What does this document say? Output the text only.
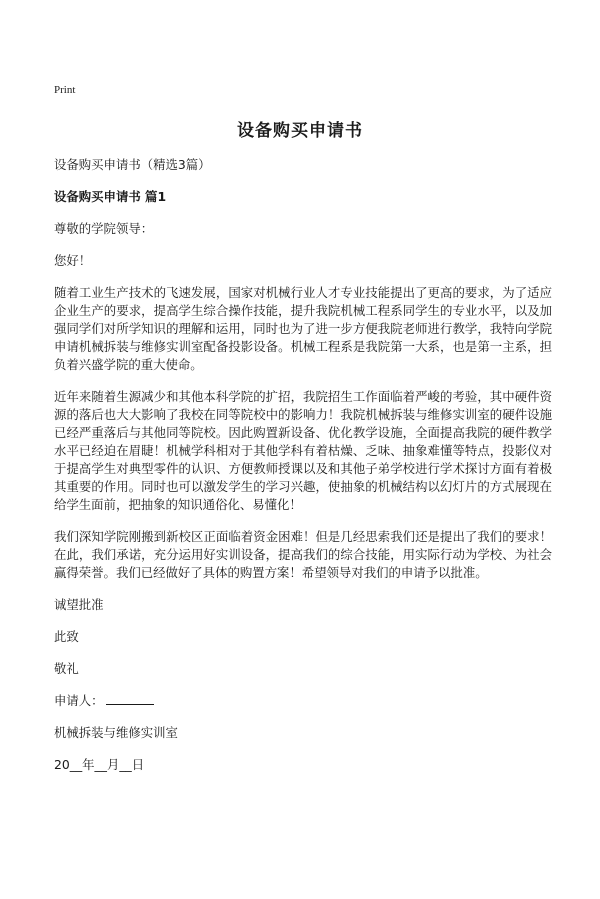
Print
设备购买申请书

设备购买申请书（精选3篇）

设备购买申请书 篇1

尊敬的学院领导：

您好！

随着工业生产技术的飞速发展，国家对机械行业人才专业技能提出了更高的要求，为了适应企业生产的要求，提高学生综合操作技能，提升我院机械工程系同学生的专业水平，以及加强同学们对所学知识的理解和运用，同时也为了进一步方便我院老师进行教学，我特向学院申请机械拆装与维修实训室配备投影设备。机械工程系是我院第一大系，也是第一主系，担负着兴盛学院的重大使命。

近年来随着生源减少和其他本科学院的扩招，我院招生工作面临着严峻的考验，其中硬件资源的落后也大大影响了我校在同等院校中的影响力！我院机械拆装与维修实训室的硬件设施已经严重落后与其他同等院校。因此购置新设备、优化教学设施，全面提高我院的硬件教学水平已经迫在眉睫！机械学科相对于其他学科有着枯燥、乏味、抽象难懂等特点，投影仪对于提高学生对典型零件的认识、方便教师授课以及和其他子弟学校进行学术探讨方面有着极其重要的作用。同时也可以激发学生的学习兴趣，使抽象的机械结构以幻灯片的方式展现在给学生面前，把抽象的知识通俗化、易懂化！

我们深知学院刚搬到新校区正面临着资金困难！但是几经思索我们还是提出了我们的要求！在此，我们承诺，充分运用好实训设备，提高我们的综合技能，用实际行动为学校、为社会赢得荣誉。我们已经做好了具体的购置方案！希望领导对我们的申请予以批准。

诚望批准

此致

敬礼

申请人：

机械拆装与维修实训室

20__年__月__日
